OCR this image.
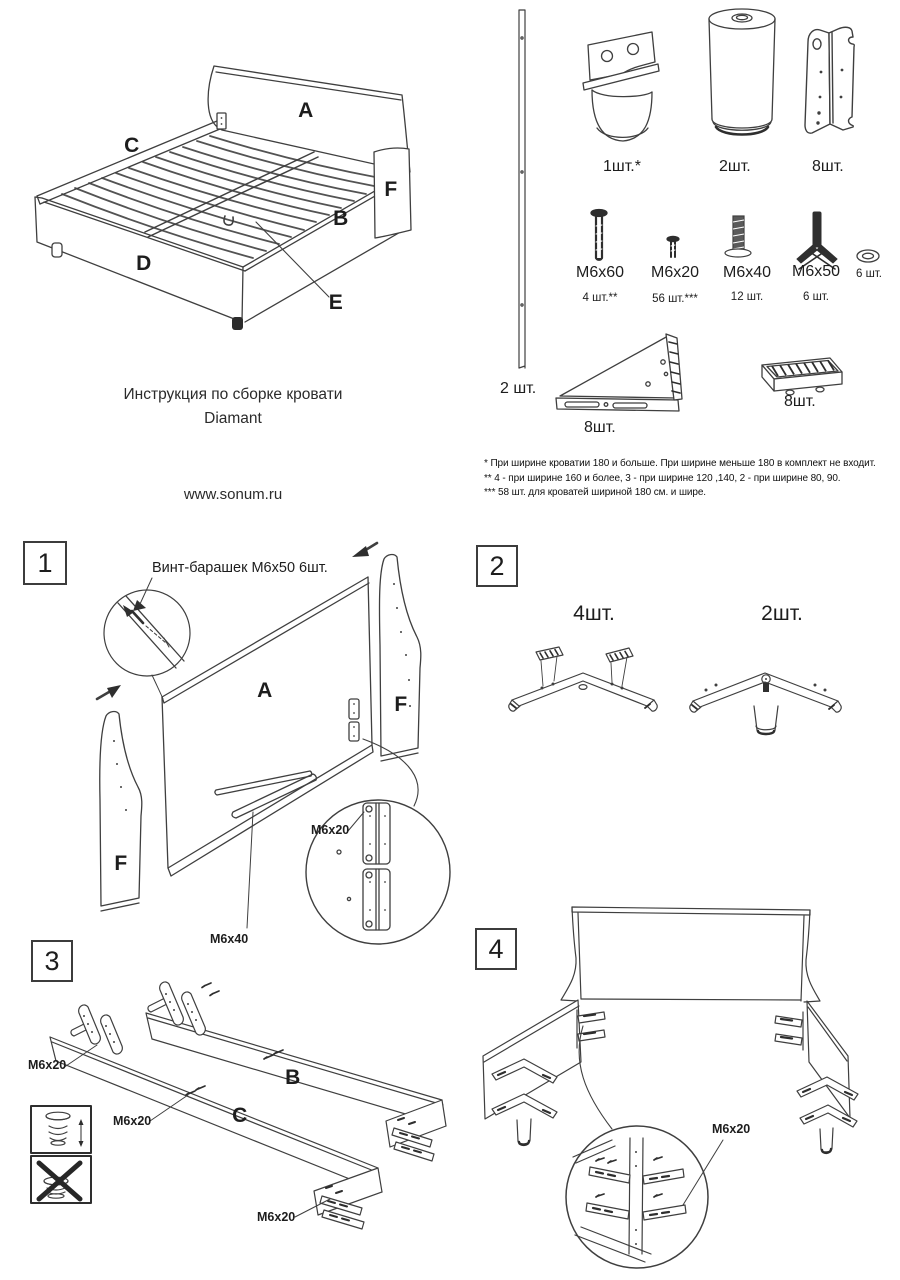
A
C
F
B
D
E
Инструкция по сборке кровати
Diamant
www.sonum.ru
1шт.*	2шт.	8шт.
М6х60
4 шт.**
М6х20
56 шт.***
М6х40
12 шт.
М6х50
6 шт.
6 шт.
2 шт.
8шт.
8шт.
* При ширине кроватии 180 и больше. При ширине меньше 180 в комплект не входит.
** 4 - при ширине 160 и более, 3 - при ширине 120 ,140, 2 - при ширине 80, 90.
*** 58 шт. для кроватей шириной 180 см. и шире.
1	Винт-барашек М6х50 6шт.
A
F
F
М6х20
М6х40
2
4шт.	2шт.
3
B
C
М6х20
М6х20
М6х20
4
М6х20
